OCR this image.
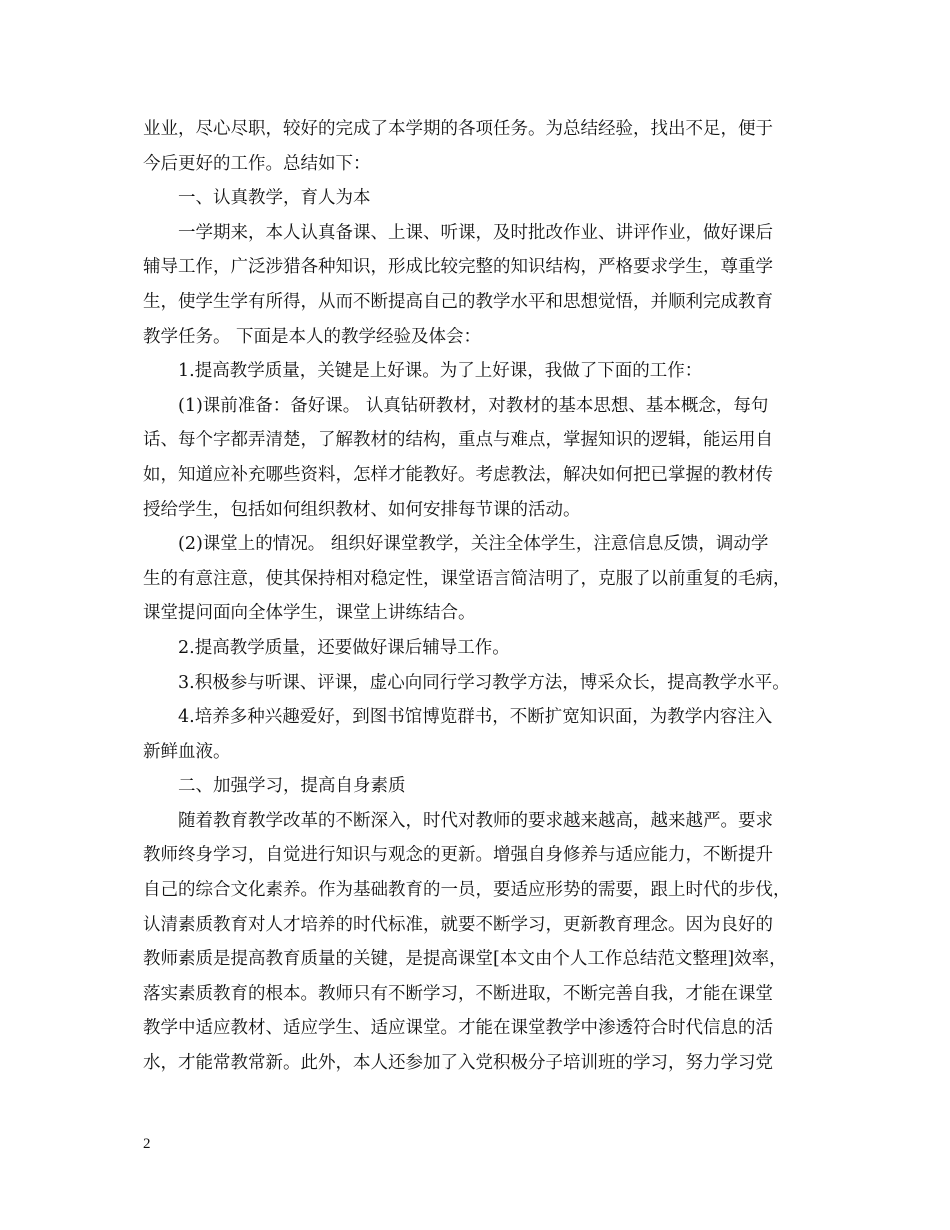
业业，尽心尽职，较好的完成了本学期的各项任务。为总结经验，找出不足，便于

今后更好的工作。总结如下：

一、认真教学，育人为本

一学期来，本人认真备课、上课、听课，及时批改作业、讲评作业，做好课后

辅导工作，广泛涉猎各种知识，形成比较完整的知识结构，严格要求学生，尊重学

生，使学生学有所得，从而不断提高自己的教学水平和思想觉悟，并顺利完成教育

教学任务。 下面是本人的教学经验及体会：

1.提高教学质量，关键是上好课。为了上好课，我做了下面的工作：

(1)课前准备：备好课。 认真钻研教材，对教材的基本思想、基本概念，每句

话、每个字都弄清楚，了解教材的结构，重点与难点，掌握知识的逻辑，能运用自

如，知道应补充哪些资料，怎样才能教好。考虑教法，解决如何把已掌握的教材传

授给学生，包括如何组织教材、如何安排每节课的活动。

(2)课堂上的情况。 组织好课堂教学，关注全体学生，注意信息反馈，调动学

生的有意注意，使其保持相对稳定性，课堂语言简洁明了，克服了以前重复的毛病，

课堂提问面向全体学生，课堂上讲练结合。

2.提高教学质量，还要做好课后辅导工作。

3.积极参与听课、评课，虚心向同行学习教学方法，博采众长，提高教学水平。

4.培养多种兴趣爱好，到图书馆博览群书，不断扩宽知识面，为教学内容注入

新鲜血液。

二、加强学习，提高自身素质

随着教育教学改革的不断深入，时代对教师的要求越来越高，越来越严。要求

教师终身学习，自觉进行知识与观念的更新。增强自身修养与适应能力，不断提升

自己的综合文化素养。作为基础教育的一员，要适应形势的需要，跟上时代的步伐，

认清素质教育对人才培养的时代标准，就要不断学习，更新教育理念。因为良好的

教师素质是提高教育质量的关键，是提高课堂[本文由个人工作总结范文整理]效率，

落实素质教育的根本。教师只有不断学习，不断进取，不断完善自我，才能在课堂

教学中适应教材、适应学生、适应课堂。才能在课堂教学中渗透符合时代信息的活

水，才能常教常新。此外，本人还参加了入党积极分子培训班的学习，努力学习党

2
